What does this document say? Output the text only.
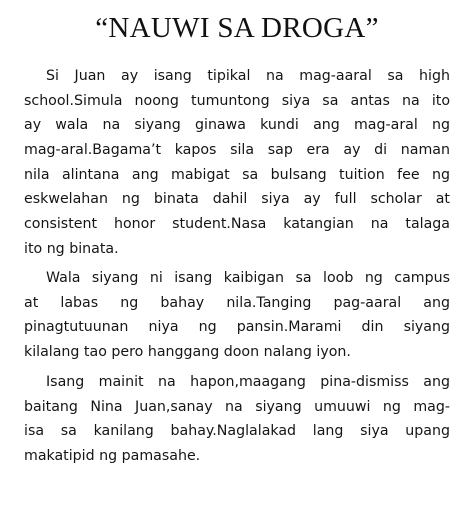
“NAUWI SA DROGA”
Si Juan ay isang tipikal na mag-aaral sa high
school.Simula noong tumuntong siya sa antas na ito
ay wala na siyang ginawa kundi ang mag-aral ng
mag-aral.Bagama’t kapos sila sap era ay di naman
nila alintana ang mabigat sa bulsang tuition fee ng
eskwelahan ng binata dahil siya ay full scholar at
consistent honor student.Nasa katangian na talaga
ito ng binata.
Wala siyang ni isang kaibigan sa loob ng campus
at labas ng bahay nila.Tanging pag-aaral ang
pinagtutuunan niya ng pansin.Marami din siyang
kilalang tao pero hanggang doon nalang iyon.
Isang mainit na hapon,maagang pina-dismiss ang
baitang Nina Juan,sanay na siyang umuuwi ng mag-
isa sa kanilang bahay.Naglalakad lang siya upang
makatipid ng pamasahe.
